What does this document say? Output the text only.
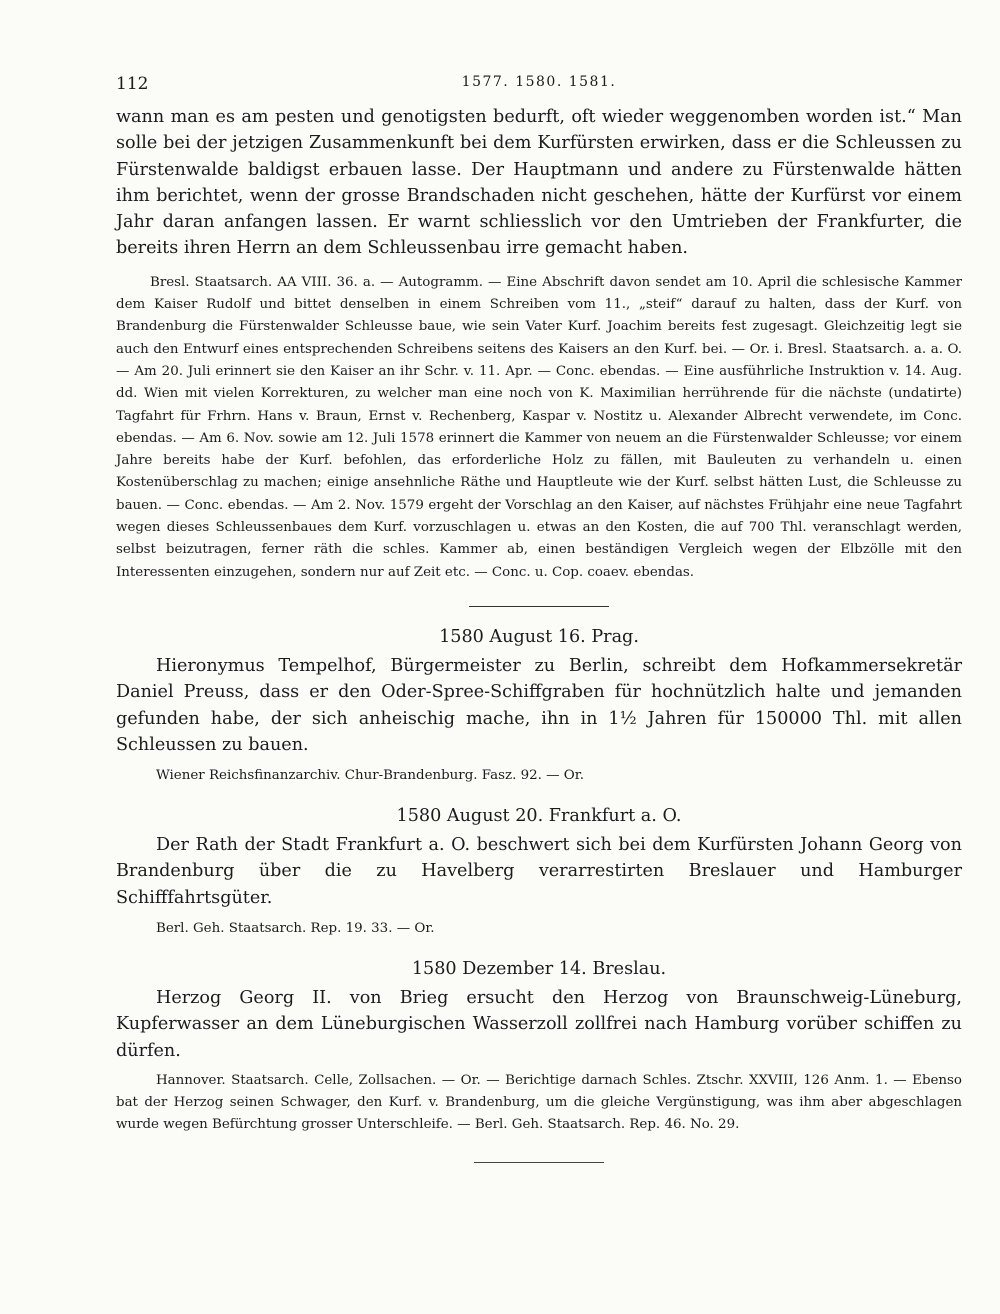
112	1577. 1580. 1581.

wann man es am pesten und genotigsten bedurft, oft wieder weggenomben worden ist.“ Man solle bei der jetzigen Zusammenkunft bei dem Kurfürsten erwirken, dass er die Schleussen zu Fürstenwalde baldigst erbauen lasse. Der Hauptmann und andere zu Fürstenwalde hätten ihm berichtet, wenn der grosse Brandschaden nicht geschehen, hätte der Kurfürst vor einem Jahr daran anfangen lassen. Er warnt schliesslich vor den Umtrieben der Frankfurter, die bereits ihren Herrn an dem Schleussenbau irre gemacht haben.

Bresl. Staatsarch. AA VIII. 36. a. — Autogramm. — Eine Abschrift davon sendet am 10. April die schlesische Kammer dem Kaiser Rudolf und bittet denselben in einem Schreiben vom 11., „steif“ darauf zu halten, dass der Kurf. von Brandenburg die Fürstenwalder Schleusse baue, wie sein Vater Kurf. Joachim bereits fest zugesagt. Gleichzeitig legt sie auch den Entwurf eines entsprechenden Schreibens seitens des Kaisers an den Kurf. bei. — Or. i. Bresl. Staatsarch. a. a. O. — Am 20. Juli erinnert sie den Kaiser an ihr Schr. v. 11. Apr. — Conc. ebendas. — Eine ausführliche Instruktion v. 14. Aug. dd. Wien mit vielen Korrekturen, zu welcher man eine noch von K. Maximilian herrührende für die nächste (undatirte) Tagfahrt für Frhrn. Hans v. Braun, Ernst v. Rechenberg, Kaspar v. Nostitz u. Alexander Albrecht verwendete, im Conc. ebendas. — Am 6. Nov. sowie am 12. Juli 1578 erinnert die Kammer von neuem an die Fürstenwalder Schleusse; vor einem Jahre bereits habe der Kurf. befohlen, das erforderliche Holz zu fällen, mit Bauleuten zu verhandeln u. einen Kostenüberschlag zu machen; einige ansehnliche Räthe und Hauptleute wie der Kurf. selbst hätten Lust, die Schleusse zu bauen. — Conc. ebendas. — Am 2. Nov. 1579 ergeht der Vorschlag an den Kaiser, auf nächstes Frühjahr eine neue Tagfahrt wegen dieses Schleussenbaues dem Kurf. vorzuschlagen u. etwas an den Kosten, die auf 700 Thl. veranschlagt werden, selbst beizutragen, ferner räth die schles. Kammer ab, einen beständigen Vergleich wegen der Elbzölle mit den Interessenten einzugehen, sondern nur auf Zeit etc. — Conc. u. Cop. coaev. ebendas.

1580 August 16. Prag.

Hieronymus Tempelhof, Bürgermeister zu Berlin, schreibt dem Hofkammersekretär Daniel Preuss, dass er den Oder-Spree-Schiffgraben für hochnützlich halte und jemanden gefunden habe, der sich anheischig mache, ihn in 1½ Jahren für 150000 Thl. mit allen Schleussen zu bauen.

Wiener Reichsfinanzarchiv. Chur-Brandenburg. Fasz. 92. — Or.
1580 August 20. Frankfurt a. O.

Der Rath der Stadt Frankfurt a. O. beschwert sich bei dem Kurfürsten Johann Georg von Brandenburg über die zu Havelberg verarrestirten Breslauer und Hamburger Schifffahrtsgüter.

Berl. Geh. Staatsarch. Rep. 19. 33. — Or.
1580 Dezember 14. Breslau.

Herzog Georg II. von Brieg ersucht den Herzog von Braunschweig-Lüneburg, Kupferwasser an dem Lüneburgischen Wasserzoll zollfrei nach Hamburg vorüber schiffen zu dürfen.

Hannover. Staatsarch. Celle, Zollsachen. — Or. — Berichtige darnach Schles. Ztschr. XXVIII, 126 Anm. 1. — Ebenso bat der Herzog seinen Schwager, den Kurf. v. Brandenburg, um die gleiche Vergünstigung, was ihm aber abgeschlagen wurde wegen Befürchtung grosser Unterschleife. — Berl. Geh. Staatsarch. Rep. 46. No. 29.
